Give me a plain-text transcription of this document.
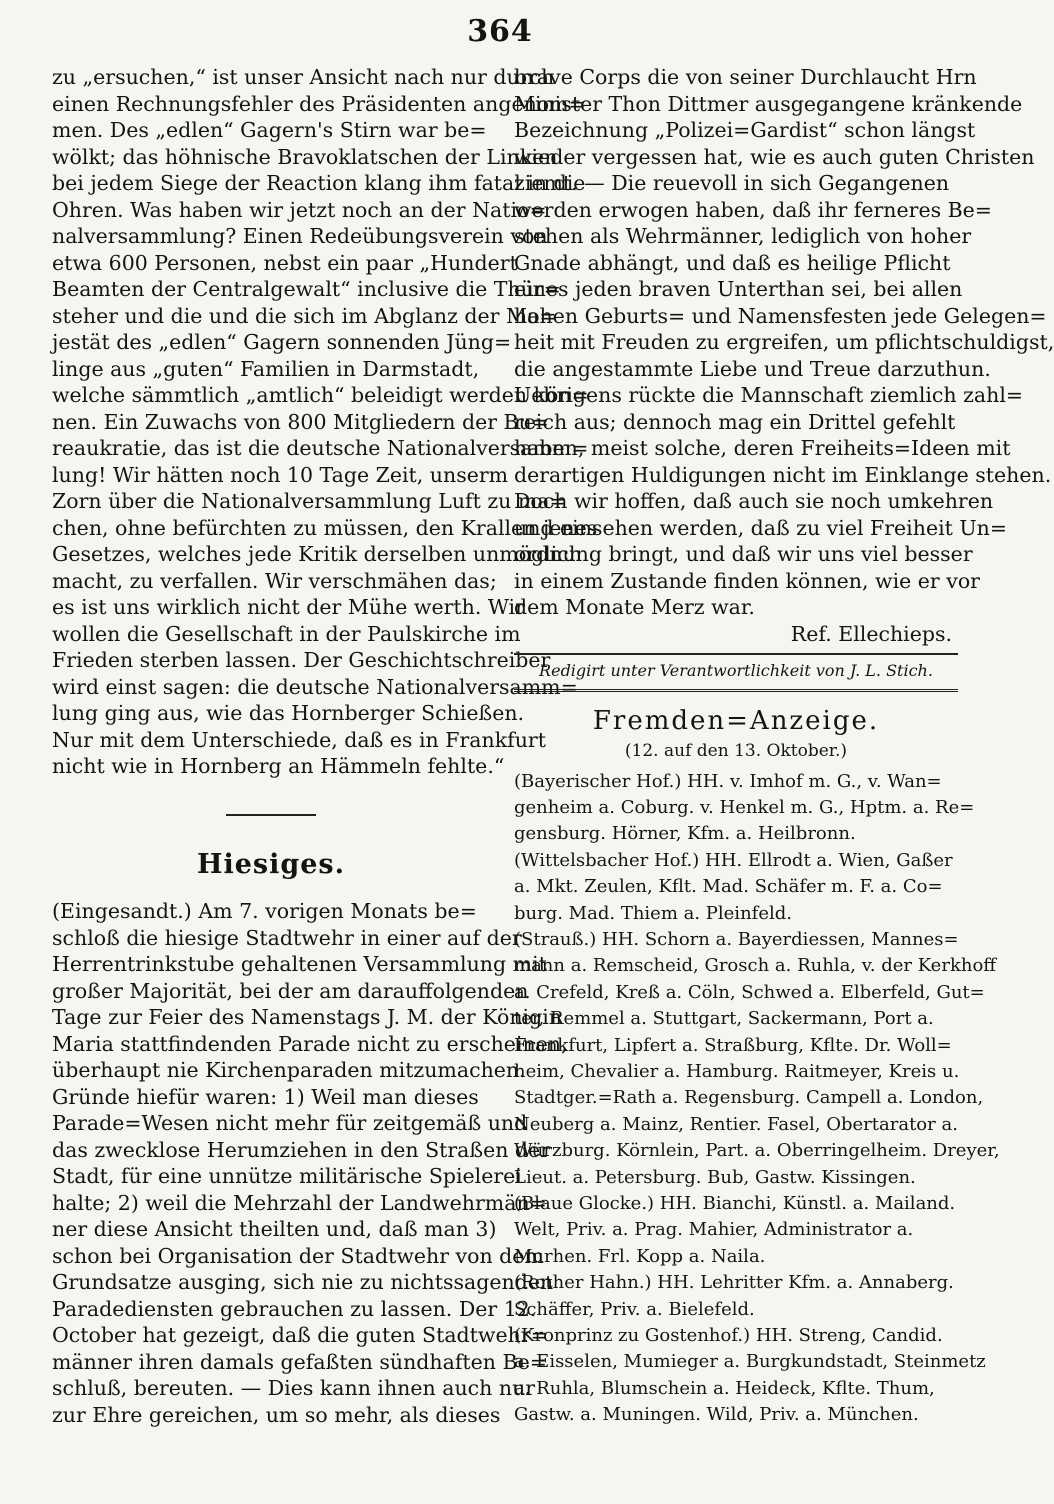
364
zu „ersuchen,“ ist unser Ansicht nach nur durch
einen Rechnungsfehler des Präsidenten angenom=
men. Des „edlen“ Gagern's Stirn war be=
wölkt; das höhnische Bravoklatschen der Linken
bei jedem Siege der Reaction klang ihm fatal in die
Ohren. Was haben wir jetzt noch an der Natio=
nalversammlung? Einen Redeübungsverein von
etwa 600 Personen, nebst ein paar „Hundert
Beamten der Centralgewalt“ inclusive die Thür=
steher und die und die sich im Abglanz der Ma=
jestät des „edlen“ Gagern sonnenden Jüng=
linge aus „guten“ Familien in Darmstadt,
welche sämmtlich „amtlich“ beleidigt werden kön=
nen. Ein Zuwachs von 800 Mitgliedern der Bu=
reaukratie, das ist die deutsche Nationalversamm=
lung! Wir hätten noch 10 Tage Zeit, unserm
Zorn über die Nationalversammlung Luft zu ma=
chen, ohne befürchten zu müssen, den Krallen jenes
Gesetzes, welches jede Kritik derselben unmöglich
macht, zu verfallen. Wir verschmähen das;
es ist uns wirklich nicht der Mühe werth. Wir
wollen die Gesellschaft in der Paulskirche im
Frieden sterben lassen. Der Geschichtschreiber
wird einst sagen: die deutsche Nationalversamm=
lung ging aus, wie das Hornberger Schießen.
Nur mit dem Unterschiede, daß es in Frankfurt
nicht wie in Hornberg an Hämmeln fehlte.“
Hiesiges.
(Eingesandt.) Am 7. vorigen Monats be=
schloß die hiesige Stadtwehr in einer auf der
Herrentrinkstube gehaltenen Versammlung mit
großer Majorität, bei der am darauffolgenden
Tage zur Feier des Namenstags J. M. der Königin
Maria stattfindenden Parade nicht zu erscheinen,
überhaupt nie Kirchenparaden mitzumachen.
Gründe hiefür waren: 1) Weil man dieses
Parade=Wesen nicht mehr für zeitgemäß und
das zwecklose Herumziehen in den Straßen der
Stadt, für eine unnütze militärische Spielerei
halte; 2) weil die Mehrzahl der Landwehrmän=
ner diese Ansicht theilten und, daß man 3)
schon bei Organisation der Stadtwehr von dem
Grundsatze ausging, sich nie zu nichtssagenden
Paradediensten gebrauchen zu lassen. Der 12.
October hat gezeigt, daß die guten Stadtwehr=
männer ihren damals gefaßten sündhaften Be=
schluß, bereuten. — Dies kann ihnen auch nur
zur Ehre gereichen, um so mehr, als dieses
brave Corps die von seiner Durchlaucht Hrn
Minister Thon Dittmer ausgegangene kränkende
Bezeichnung „Polizei=Gardist“ schon längst
wieder vergessen hat, wie es auch guten Christen
ziemt. — Die reuevoll in sich Gegangenen
werden erwogen haben, daß ihr ferneres Be=
stehen als Wehrmänner, lediglich von hoher
Gnade abhängt, und daß es heilige Pflicht
eines jeden braven Unterthan sei, bei allen
hohen Geburts= und Namensfesten jede Gelegen=
heit mit Freuden zu ergreifen, um pflichtschuldigst,
die angestammte Liebe und Treue darzuthun.
Uebrigens rückte die Mannschaft ziemlich zahl=
reich aus; dennoch mag ein Drittel gefehlt
haben, meist solche, deren Freiheits=Ideen mit
derartigen Huldigungen nicht im Einklange stehen.
Doch wir hoffen, daß auch sie noch umkehren
und einsehen werden, daß zu viel Freiheit Un=
ordnung bringt, und daß wir uns viel besser
in einem Zustande finden können, wie er vor
dem Monate Merz war.
Ref. Ellechieps.
Redigirt unter Verantwortlichkeit von J. L. Stich.
Fremden=Anzeige.
(12. auf den 13. Oktober.)
(Bayerischer Hof.) HH. v. Imhof m. G., v. Wan=
genheim a. Coburg. v. Henkel m. G., Hptm. a. Re=
gensburg. Hörner, Kfm. a. Heilbronn.
(Wittelsbacher Hof.) HH. Ellrodt a. Wien, Gaßer
a. Mkt. Zeulen, Kflt. Mad. Schäfer m. F. a. Co=
burg. Mad. Thiem a. Pleinfeld.
(Strauß.) HH. Schorn a. Bayerdiessen, Mannes=
mann a. Remscheid, Grosch a. Ruhla, v. der Kerkhoff
a. Crefeld, Kreß a. Cöln, Schwed a. Elberfeld, Gut=
ter, Remmel a. Stuttgart, Sackermann, Port a.
Frankfurt, Lipfert a. Straßburg, Kflte. Dr. Woll=
heim, Chevalier a. Hamburg. Raitmeyer, Kreis u.
Stadtger.=Rath a. Regensburg. Campell a. London,
Neuberg a. Mainz, Rentier. Fasel, Obertarator a.
Würzburg. Körnlein, Part. a. Oberringelheim. Dreyer,
Lieut. a. Petersburg. Bub, Gastw. Kissingen.
(Blaue Glocke.) HH. Bianchi, Künstl. a. Mailand.
Welt, Priv. a. Prag. Mahier, Administrator a.
Murhen. Frl. Kopp a. Naila.
(Rother Hahn.) HH. Lehritter Kfm. a. Annaberg.
Schäffer, Priv. a. Bielefeld.
(Kronprinz zu Gostenhof.) HH. Streng, Candid.
a. Eisselen, Mumieger a. Burgkundstadt, Steinmetz
a. Ruhla, Blumschein a. Heideck, Kflte. Thum,
Gastw. a. Muningen. Wild, Priv. a. München.
